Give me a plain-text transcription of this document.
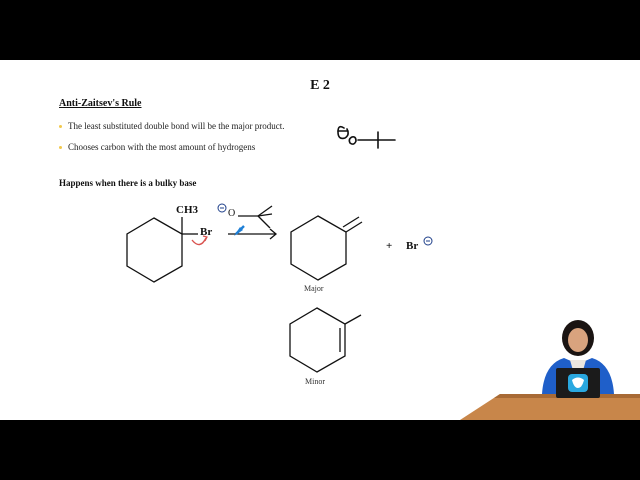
E 2
Anti-Zaitsev's Rule
The least substituted double bond will be the major product.
Chooses carbon with the most amount of hydrogens
Happens when there is a bulky base
CH3
Br
O
+ Br
Major
Minor
